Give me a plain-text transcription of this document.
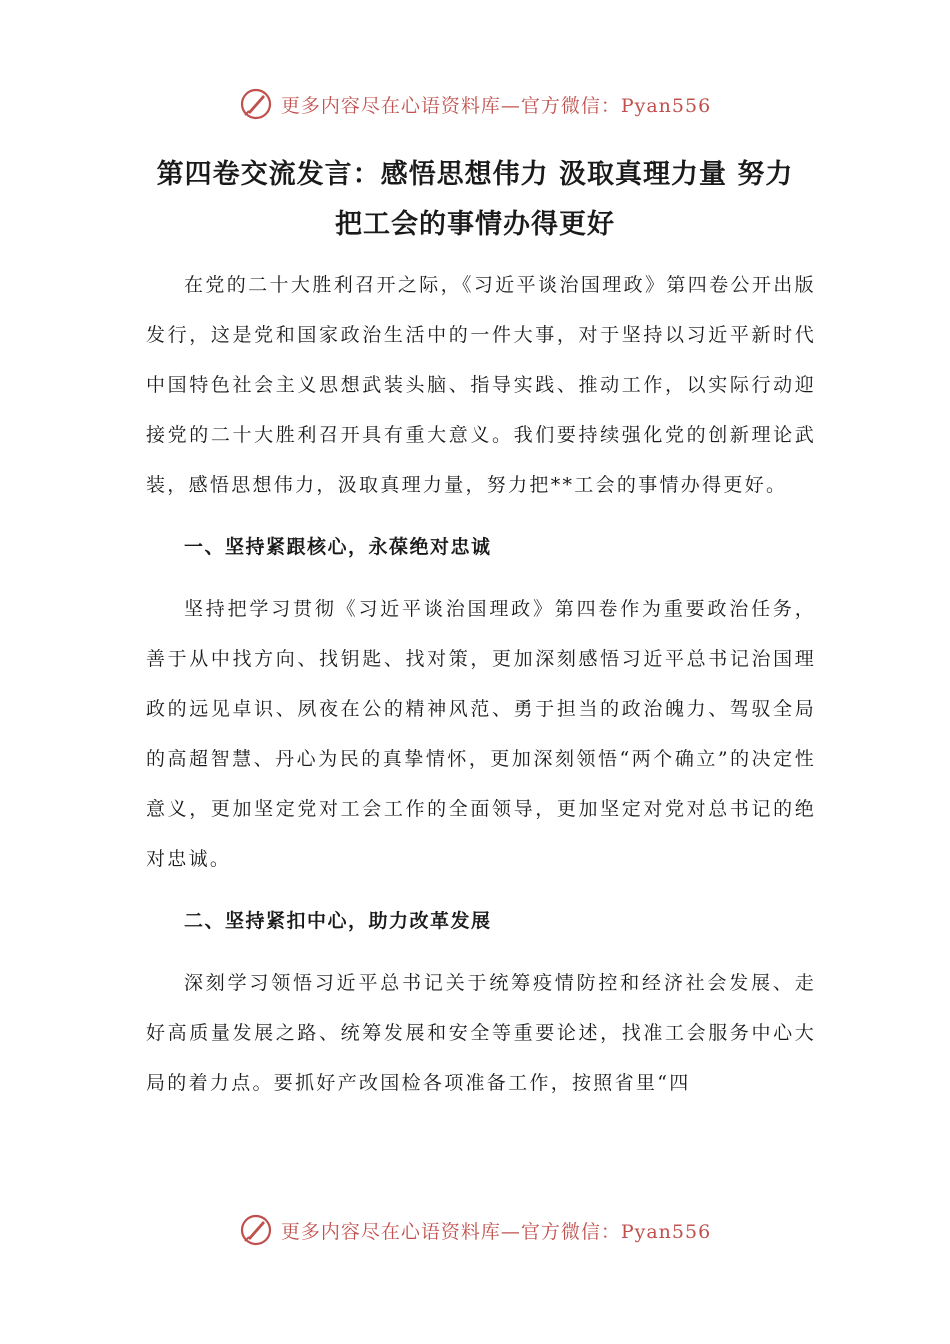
更多内容尽在心语资料库—官方微信：Pyan556
第四卷交流发言：感悟思想伟力 汲取真理力量 努力
把工会的事情办得更好

在党的二十大胜利召开之际，《习近平谈治国理政》第四卷公开出版发行，这是党和国家政治生活中的一件大事，对于坚持以习近平新时代中国特色社会主义思想武装头脑、指导实践、推动工作，以实际行动迎接党的二十大胜利召开具有重大意义。我们要持续强化党的创新理论武装，感悟思想伟力，汲取真理力量，努力把**工会的事情办得更好。

一、坚持紧跟核心，永葆绝对忠诚

坚持把学习贯彻《习近平谈治国理政》第四卷作为重要政治任务，善于从中找方向、找钥匙、找对策，更加深刻感悟习近平总书记治国理政的远见卓识、夙夜在公的精神风范、勇于担当的政治魄力、驾驭全局的高超智慧、丹心为民的真挚情怀，更加深刻领悟“两个确立”的决定性意义，更加坚定党对工会工作的全面领导，更加坚定对党对总书记的绝对忠诚。

二、坚持紧扣中心，助力改革发展

深刻学习领悟习近平总书记关于统筹疫情防控和经济社会发展、走好高质量发展之路、统筹发展和安全等重要论述，找准工会服务中心大局的着力点。要抓好产改国检各项准备工作，按照省里“四

更多内容尽在心语资料库—官方微信：Pyan556
